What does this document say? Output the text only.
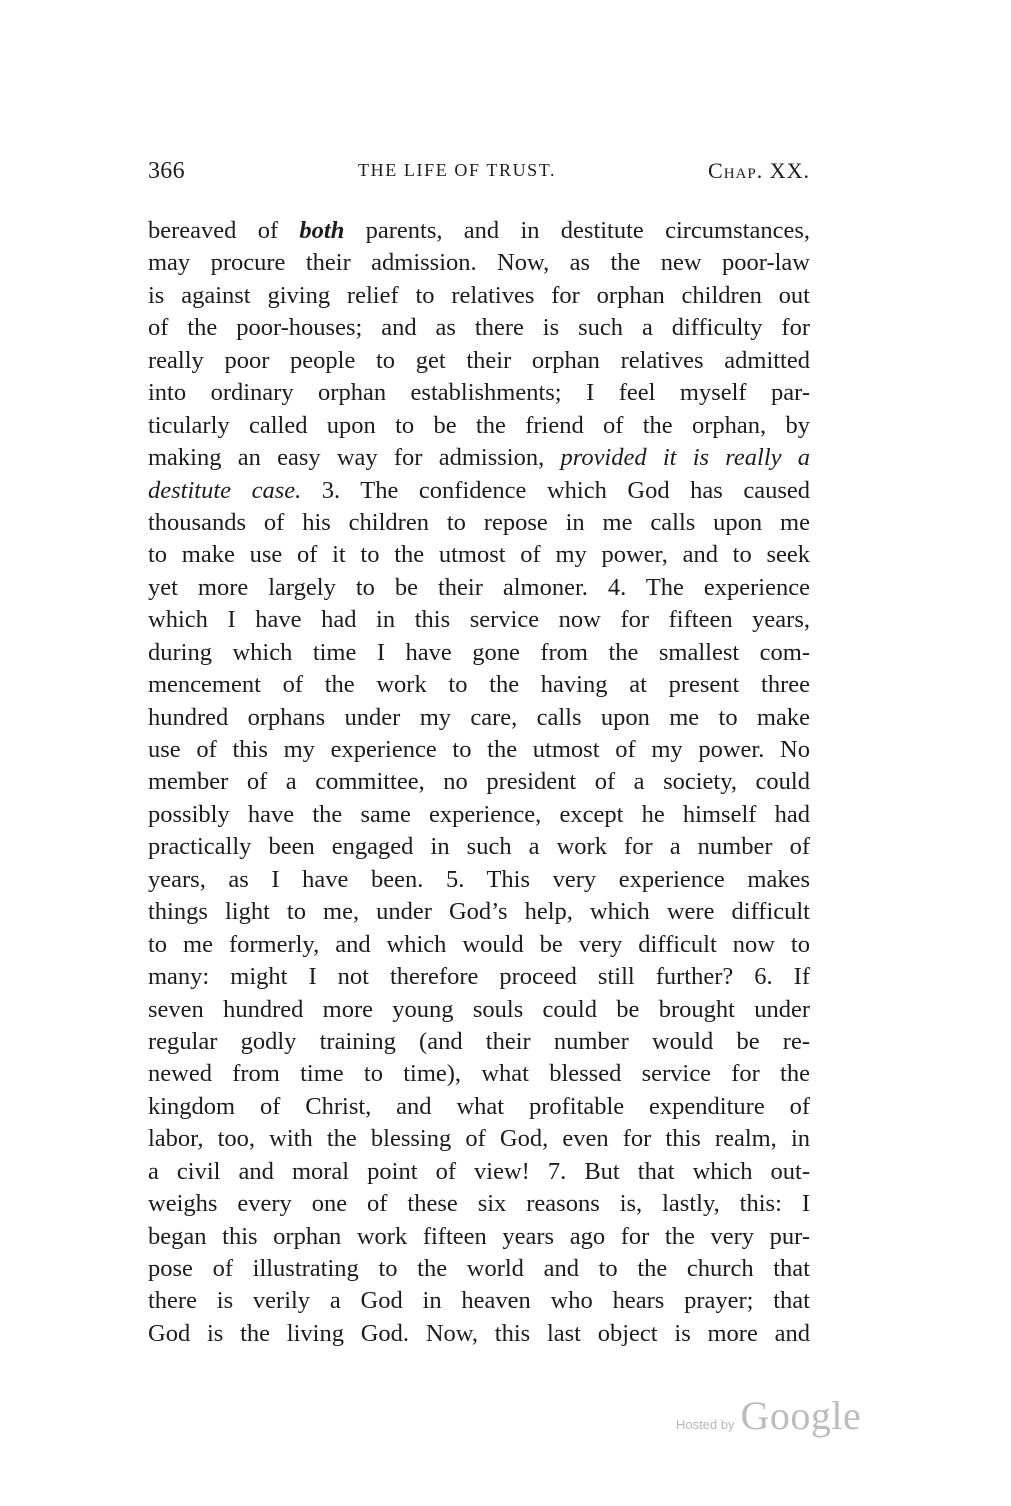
366	THE LIFE OF TRUST.	Chap. XX.
bereaved of both parents, and in destitute circumstances,
may procure their admission. Now, as the new poor-law
is against giving relief to relatives for orphan children out
of the poor-houses; and as there is such a difficulty for
really poor people to get their orphan relatives admitted
into ordinary orphan establishments; I feel myself par-
ticularly called upon to be the friend of the orphan, by
making an easy way for admission, provided it is really a
destitute case. 3. The confidence which God has caused
thousands of his children to repose in me calls upon me
to make use of it to the utmost of my power, and to seek
yet more largely to be their almoner. 4. The experience
which I have had in this service now for fifteen years,
during which time I have gone from the smallest com-
mencement of the work to the having at present three
hundred orphans under my care, calls upon me to make
use of this my experience to the utmost of my power. No
member of a committee, no president of a society, could
possibly have the same experience, except he himself had
practically been engaged in such a work for a number of
years, as I have been. 5. This very experience makes
things light to me, under God’s help, which were difficult
to me formerly, and which would be very difficult now to
many: might I not therefore proceed still further? 6. If
seven hundred more young souls could be brought under
regular godly training (and their number would be re-
newed from time to time), what blessed service for the
kingdom of Christ, and what profitable expenditure of
labor, too, with the blessing of God, even for this realm, in
a civil and moral point of view! 7. But that which out-
weighs every one of these six reasons is, lastly, this: I
began this orphan work fifteen years ago for the very pur-
pose of illustrating to the world and to the church that
there is verily a God in heaven who hears prayer; that
God is the living God. Now, this last object is more and
Hosted by Google
